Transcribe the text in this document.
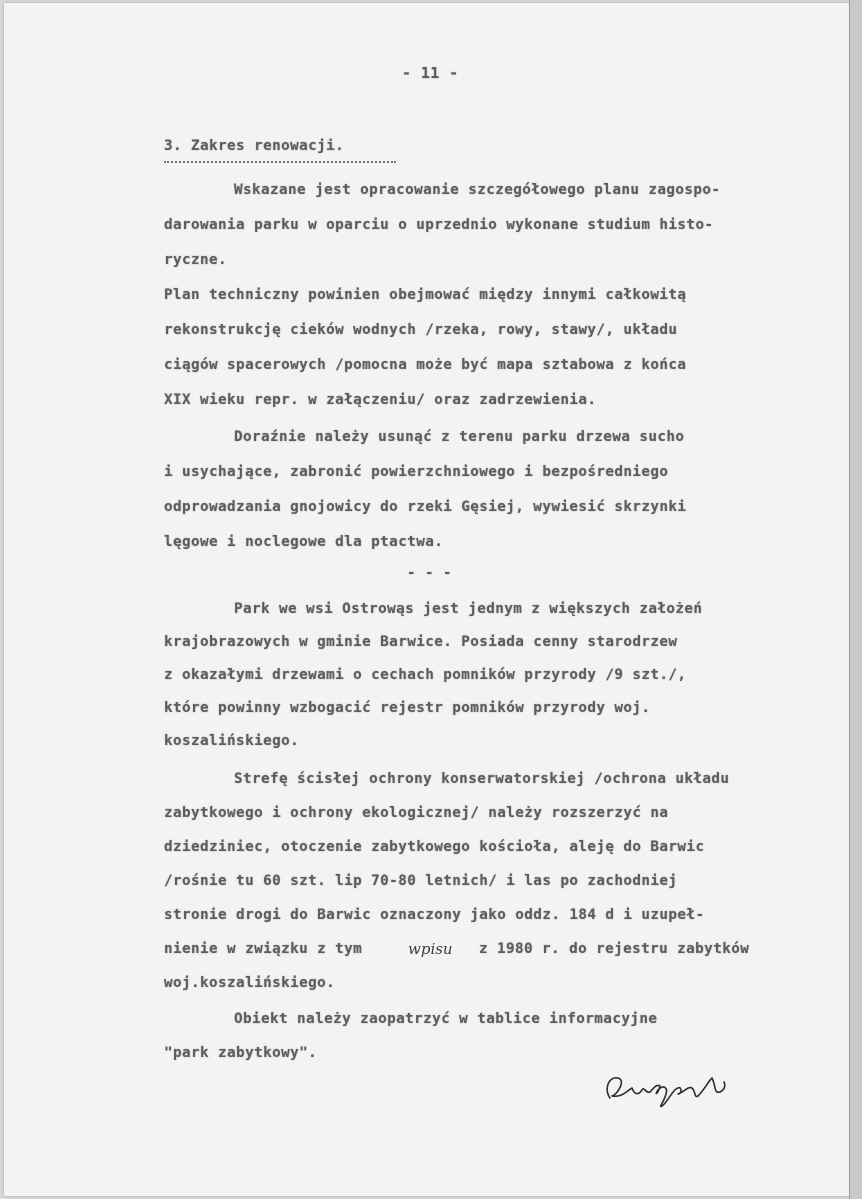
- 11 -
3. Zakres renowacji.
Wskazane jest opracowanie szczegółowego planu zagospo-
darowania parku w oparciu o uprzednio wykonane studium histo-
ryczne.
Plan techniczny powinien obejmować między innymi całkowitą
rekonstrukcję cieków wodnych /rzeka, rowy, stawy/, układu
ciągów spacerowych /pomocna może być mapa sztabowa z końca
XIX wieku repr. w załączeniu/ oraz zadrzewienia.
Doraźnie należy usunąć z terenu parku drzewa sucho
i usychające, zabronić powierzchniowego i bezpośredniego
odprowadzania gnojowicy do rzeki Gęsiej, wywiesić skrzynki
lęgowe i noclegowe dla ptactwa.
- - -
Park we wsi Ostrowąs jest jednym z większych założeń
krajobrazowych w gminie Barwice. Posiada cenny starodrzew
z okazałymi drzewami o cechach pomników przyrody /9 szt./,
które powinny wzbogacić rejestr pomników przyrody woj.
koszalińskiego.
Strefę ścisłej ochrony konserwatorskiej /ochrona układu
zabytkowego i ochrony ekologicznej/ należy rozszerzyć na
dziedziniec, otoczenie zabytkowego kościoła, aleję do Barwic
/rośnie tu 60 szt. lip 70-80 letnich/ i las po zachodniej
stronie drogi do Barwic oznaczony jako oddz. 184 d i uzupeł-
nienie w związku z tym	wpisu z 1980 r. do rejestru zabytków
woj.koszalińskiego.
Obiekt należy zaopatrzyć w tablice informacyjne
"park zabytkowy".
